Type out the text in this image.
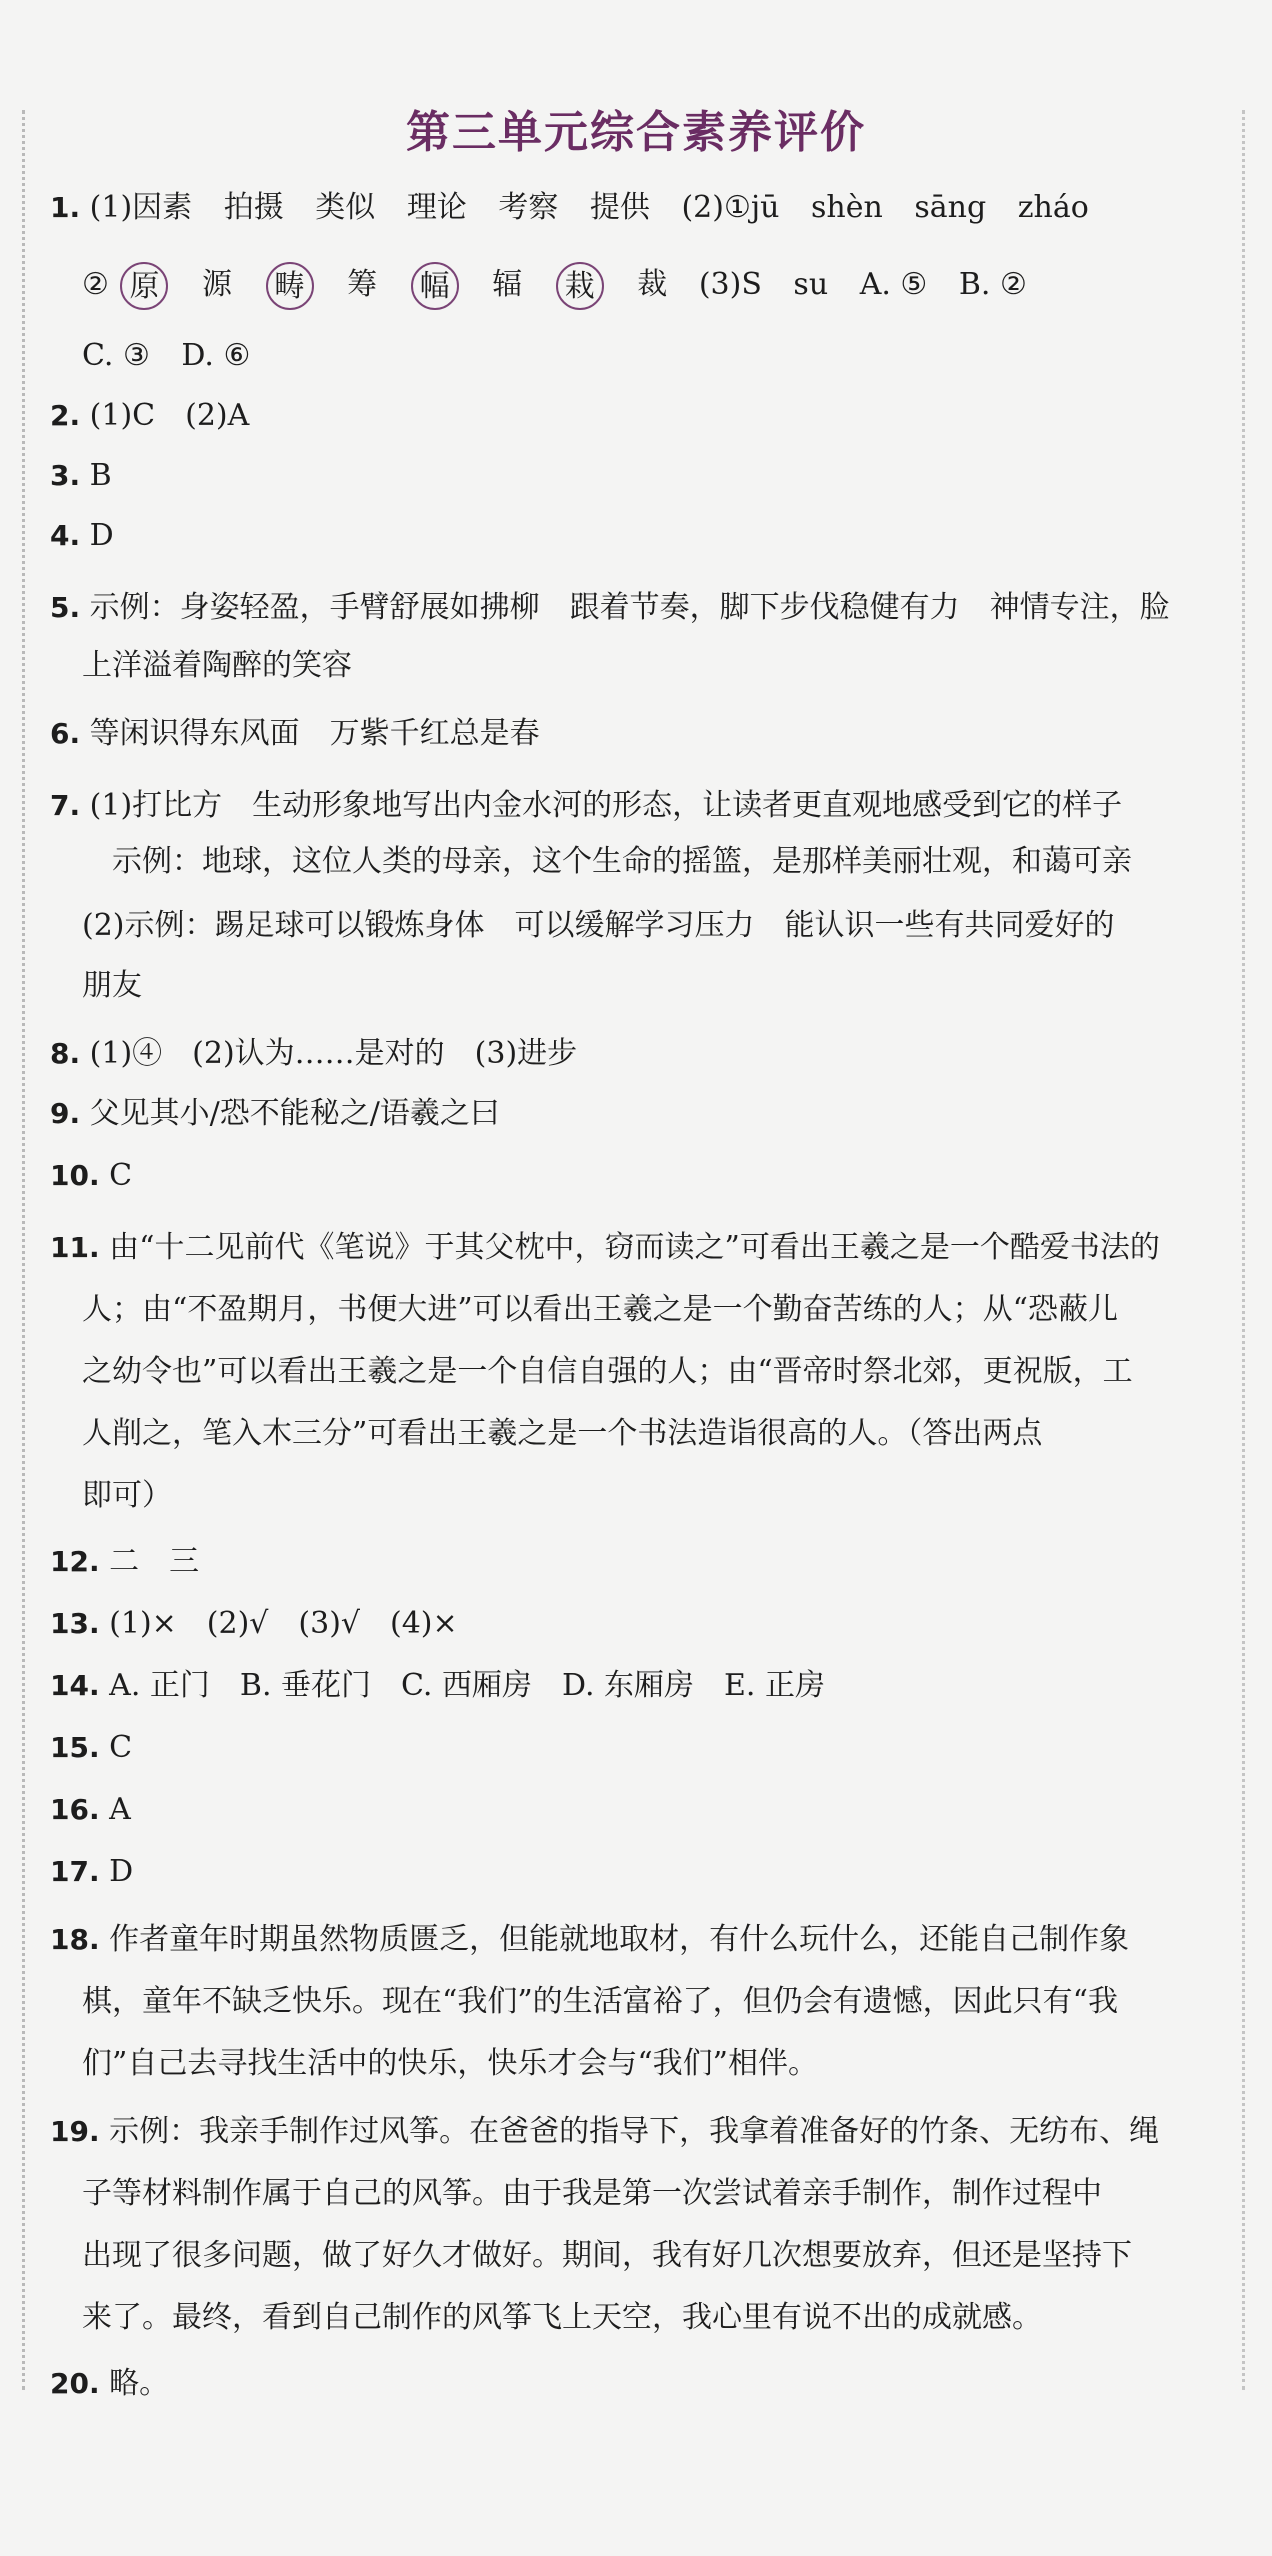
第三单元综合素养评价
1. (1)因素 拍摄 类似 理论 考察 提供 (2)①jū shèn sāng zháo
② 原 源 畴 筹 幅 辐 栽 裁 (3)S su A. ⑤ B. ②
C. ③ D. ⑥
2. (1)C　(2)A
3. B
4. D
5. 示例：身姿轻盈，手臂舒展如拂柳　跟着节奏，脚下步伐稳健有力　神情专注，脸
上洋溢着陶醉的笑容
6. 等闲识得东风面　万紫千红总是春
7. (1)打比方　生动形象地写出内金水河的形态，让读者更直观地感受到它的样子
示例：地球，这位人类的母亲，这个生命的摇篮，是那样美丽壮观，和蔼可亲
(2)示例：踢足球可以锻炼身体　可以缓解学习压力　能认识一些有共同爱好的
朋友
8. (1)④　(2)认为……是对的　(3)进步
9. 父见其小/恐不能秘之/语羲之曰
10. C
11. 由“十二见前代《笔说》于其父枕中，窃而读之”可看出王羲之是一个酷爱书法的
人；由“不盈期月，书便大进”可以看出王羲之是一个勤奋苦练的人；从“恐蔽儿
之幼令也”可以看出王羲之是一个自信自强的人；由“晋帝时祭北郊，更祝版，工
人削之，笔入木三分”可看出王羲之是一个书法造诣很高的人。（答出两点
即可）
12. 二　三
13. (1)×　(2)√　(3)√　(4)×
14. A. 正门　B. 垂花门　C. 西厢房　D. 东厢房　E. 正房
15. C
16. A
17. D
18. 作者童年时期虽然物质匮乏，但能就地取材，有什么玩什么，还能自己制作象
棋，童年不缺乏快乐。现在“我们”的生活富裕了，但仍会有遗憾，因此只有“我
们”自己去寻找生活中的快乐，快乐才会与“我们”相伴。
19. 示例：我亲手制作过风筝。在爸爸的指导下，我拿着准备好的竹条、无纺布、绳
子等材料制作属于自己的风筝。由于我是第一次尝试着亲手制作，制作过程中
出现了很多问题，做了好久才做好。期间，我有好几次想要放弃，但还是坚持下
来了。最终，看到自己制作的风筝飞上天空，我心里有说不出的成就感。
20. 略。
